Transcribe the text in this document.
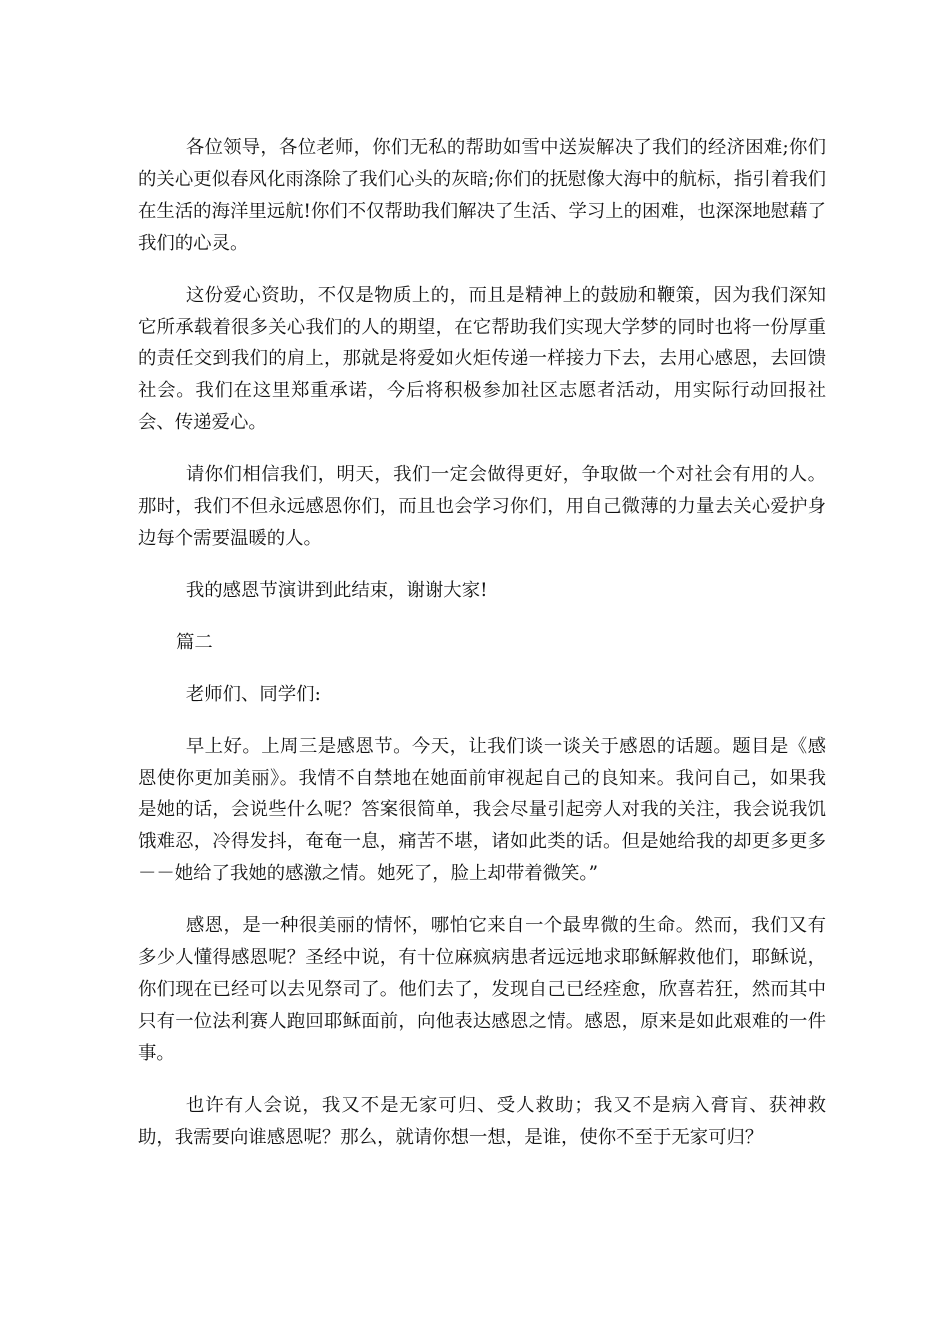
各位领导，各位老师，你们无私的帮助如雪中送炭解决了我们的经济困难;你们的关心更似春风化雨涤除了我们心头的灰暗;你们的抚慰像大海中的航标，指引着我们在生活的海洋里远航!你们不仅帮助我们解决了生活、学习上的困难，也深深地慰藉了我们的心灵。

这份爱心资助，不仅是物质上的，而且是精神上的鼓励和鞭策，因为我们深知它所承载着很多关心我们的人的期望，在它帮助我们实现大学梦的同时也将一份厚重的责任交到我们的肩上，那就是将爱如火炬传递一样接力下去，去用心感恩，去回馈社会。我们在这里郑重承诺，今后将积极参加社区志愿者活动，用实际行动回报社会、传递爱心。

请你们相信我们，明天，我们一定会做得更好，争取做一个对社会有用的人。那时，我们不但永远感恩你们，而且也会学习你们，用自己微薄的力量去关心爱护身边每个需要温暖的人。

我的感恩节演讲到此结束，谢谢大家!

篇二

老师们、同学们:

早上好。上周三是感恩节。今天，让我们谈一谈关于感恩的话题。题目是《感恩使你更加美丽》。我情不自禁地在她面前审视起自己的良知来。我问自己，如果我是她的话，会说些什么呢？答案很简单，我会尽量引起旁人对我的关注，我会说我饥饿难忍，冷得发抖，奄奄一息，痛苦不堪，诸如此类的话。但是她给我的却更多更多－－她给了我她的感激之情。她死了，脸上却带着微笑。”

感恩，是一种很美丽的情怀，哪怕它来自一个最卑微的生命。然而，我们又有多少人懂得感恩呢？圣经中说，有十位麻疯病患者远远地求耶稣解救他们，耶稣说，你们现在已经可以去见祭司了。他们去了，发现自己已经痊愈，欣喜若狂，然而其中只有一位法利赛人跑回耶稣面前，向他表达感恩之情。感恩，原来是如此艰难的一件事。

也许有人会说，我又不是无家可归、受人救助；我又不是病入膏肓、获神救助，我需要向谁感恩呢？那么，就请你想一想，是谁，使你不至于无家可归？
